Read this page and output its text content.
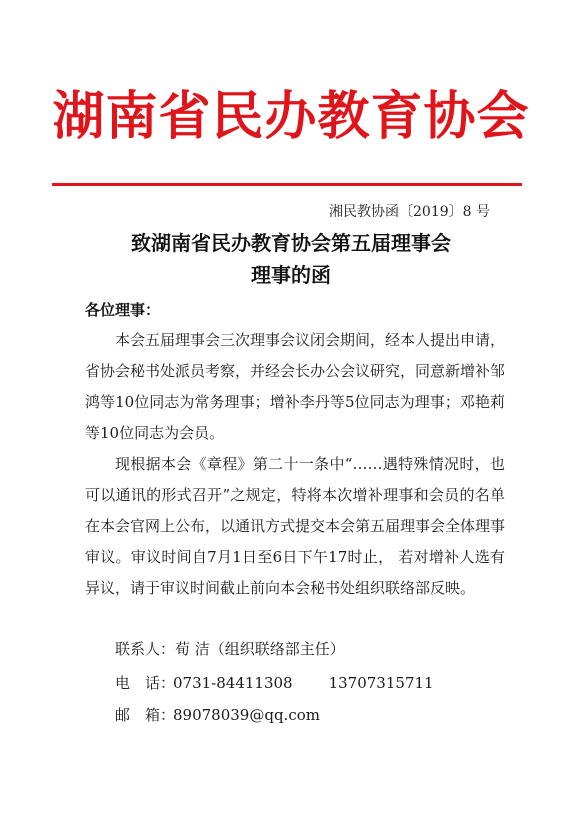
湖南省民办教育协会
湘民教协函〔2019〕8 号
致湖南省民办教育协会第五届理事会
理事的函
各位理事：

本会五届理事会三次理事会议闭会期间，经本人提出申请，省协会秘书处派员考察，并经会长办公会议研究，同意新增补邹鸿等10位同志为常务理事；增补李丹等5位同志为理事；邓艳莉等10位同志为会员。

现根据本会《章程》第二十一条中“……遇特殊情况时，也可以通讯的形式召开”之规定，特将本次增补理事和会员的名单在本会官网上公布，以通讯方式提交本会第五届理事会全体理事审议。审议时间自7月1日至6日下午17时止， 若对增补人选有异议，请于审议时间截止前向本会秘书处组织联络部反映。

联系人：荀 洁（组织联络部主任）
电　话：0731-84411308 13707315711
邮　箱：89078039@qq.com
